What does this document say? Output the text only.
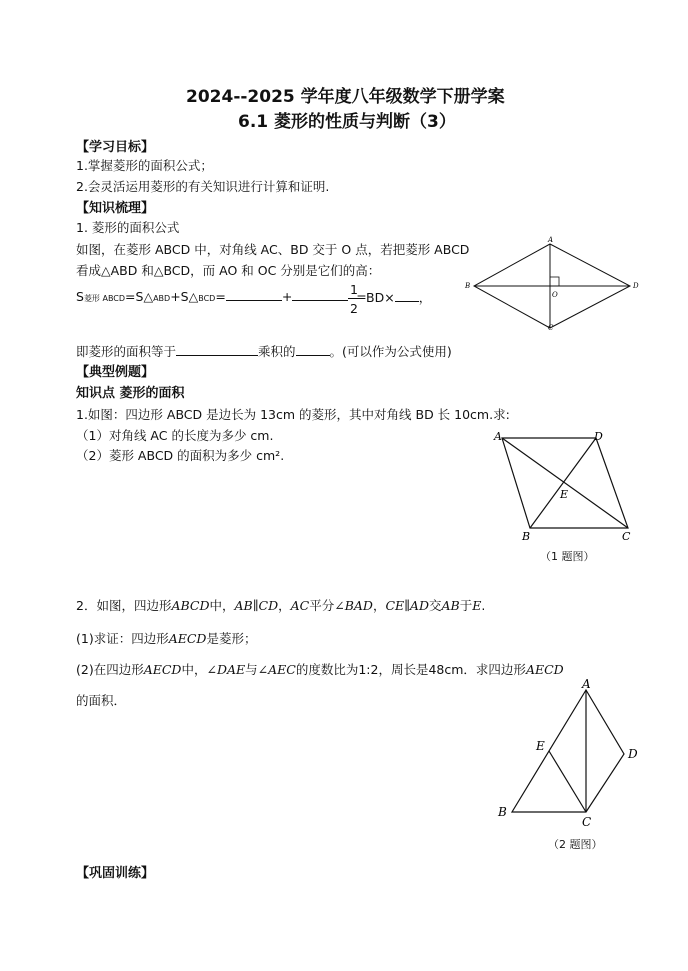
2024--2025 学年度八年级数学下册学案
6.1 菱形的性质与判断（3）
【学习目标】
1.掌握菱形的面积公式；
2.会灵活运用菱形的有关知识进行计算和证明.
【知识梳理】
1. 菱形的面积公式
如图，在菱形 ABCD 中，对角线 AC、BD 交于 O 点，若把菱形 ABCD
看成△ABD 和△BCD，而 AO 和 OC 分别是它们的高：
S菱形 ABCD=S△ABD+S△BCD=	+	=
1
2
BD× ，
A
B
C
D
O
即菱形的面积等于	乘积的	。(可以作为公式使用)
【典型例题】
知识点 菱形的面积
1.如图：四边形 ABCD 是边长为 13cm 的菱形，其中对角线 BD 长 10cm.求:
（1）对角线 AC 的长度为多少 cm.
（2）菱形 ABCD 的面积为多少 cm².
A	D
E
B	C
（1 题图）
2．如图，四边形ABCD中，AB∥CD，AC平分∠BAD，CE∥AD交AB于E.
(1)求证：四边形AECD是菱形；
(2)在四边形AECD中，∠DAE与∠AEC的度数比为1:2，周长是48cm．求四边形AECD
的面积．
A
E
D
B
C
（2 题图）
【巩固训练】
